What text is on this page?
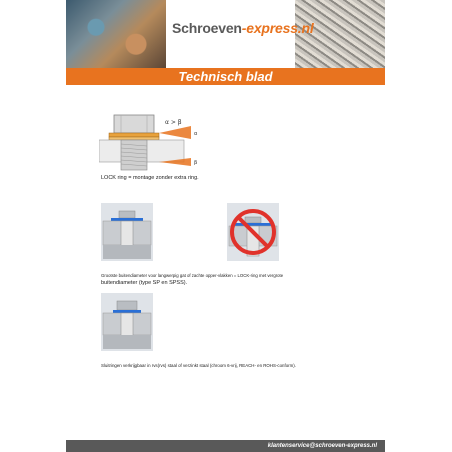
Schroeven-express.nl
Technisch blad
α > β
α
β
LOCK ring = montage zonder extra ring.
Grootste buitendiameter voor langwerpig gat of zachte opper-vlakken = LOCK-ring met vergrote
buitendiameter (type SP en SPSS).
Sluitringen verkrijgbaar in rvs(rvs) staal of verzinkt staal (chroom 6-vrij, REACH- en ROHS-conform).
klantenservice@schroeven-express.nl
